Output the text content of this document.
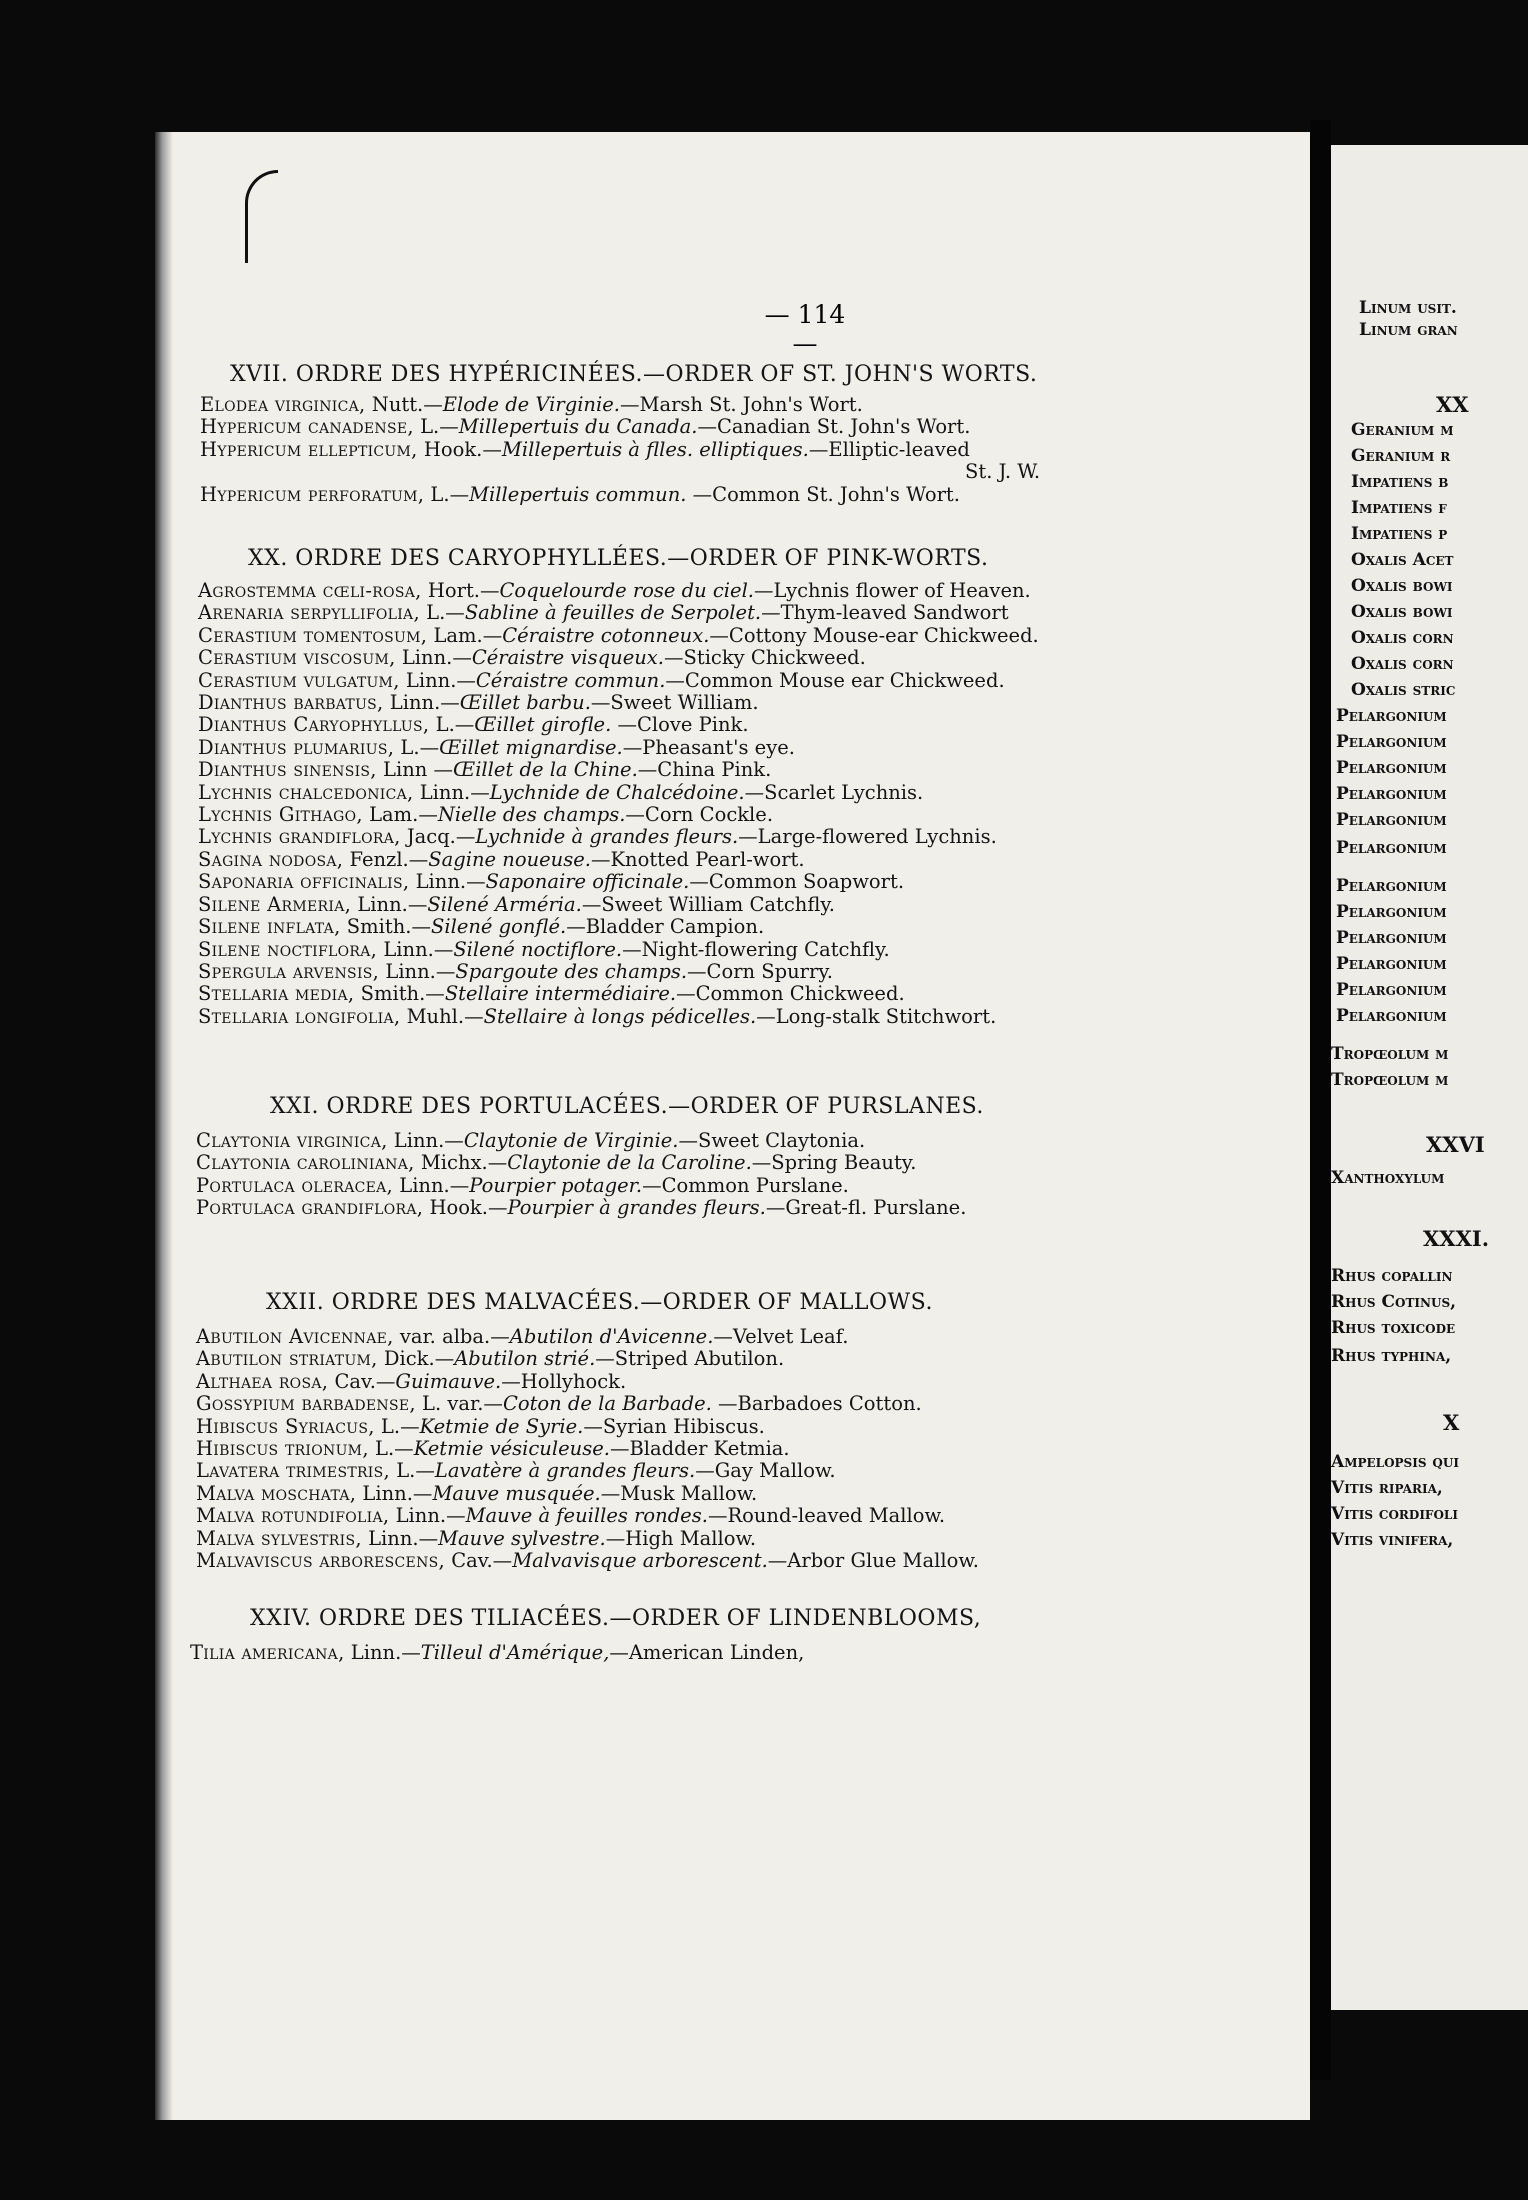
Linum usit.
Linum gran
XX
Geranium m
Geranium r
Impatiens b
Impatiens f
Impatiens p
Oxalis Acet
Oxalis bowi
Oxalis bowi
Oxalis corn
Oxalis corn
Oxalis stric
Pelargonium
Pelargonium
Pelargonium
Pelargonium
Pelargonium
Pelargonium
Pelargonium
Pelargonium
Pelargonium
Pelargonium
Pelargonium
Pelargonium
Tropœolum m
Tropœolum m
XXVI
Xanthoxylum
XXXI.
Rhus copallin
Rhus Cotinus,
Rhus toxicode
Rhus typhina,
X
Ampelopsis qui
Vitis riparia,
Vitis cordifoli
Vitis vinifera,
— 114 —
XVII. ORDRE DES HYPÉRICINÉES.—ORDER OF ST. JOHN'S WORTS.
Elodea virginica, Nutt.—Elode de Virginie.—Marsh St. John's Wort.
Hypericum canadense, L.—Millepertuis du Canada.—Canadian St. John's Wort.
Hypericum ellepticum, Hook.—Millepertuis à flles. elliptiques.—Elliptic-leaved
St. J. W.
Hypericum perforatum, L.—Millepertuis commun. —Common St. John's Wort.
XX. ORDRE DES CARYOPHYLLÉES.—ORDER OF PINK-WORTS.
Agrostemma cœli-rosa, Hort.—Coquelourde rose du ciel.—Lychnis flower of Heaven.
Arenaria serpyllifolia, L.—Sabline à feuilles de Serpolet.—Thym-leaved Sandwort
Cerastium tomentosum, Lam.—Céraistre cotonneux.—Cottony Mouse-ear Chickweed.
Cerastium viscosum, Linn.—Céraistre visqueux.—Sticky Chickweed.
Cerastium vulgatum, Linn.—Céraistre commun.—Common Mouse ear Chickweed.
Dianthus barbatus, Linn.—Œillet barbu.—Sweet William.
Dianthus Caryophyllus, L.—Œillet girofle. —Clove Pink.
Dianthus plumarius, L.—Œillet mignardise.—Pheasant's eye.
Dianthus sinensis, Linn —Œillet de la Chine.—China Pink.
Lychnis chalcedonica, Linn.—Lychnide de Chalcédoine.—Scarlet Lychnis.
Lychnis Githago, Lam.—Nielle des champs.—Corn Cockle.
Lychnis grandiflora, Jacq.—Lychnide à grandes fleurs.—Large-flowered Lychnis.
Sagina nodosa, Fenzl.—Sagine noueuse.—Knotted Pearl-wort.
Saponaria officinalis, Linn.—Saponaire officinale.—Common Soapwort.
Silene Armeria, Linn.—Silené Arméria.—Sweet William Catchfly.
Silene inflata, Smith.—Silené gonflé.—Bladder Campion.
Silene noctiflora, Linn.—Silené noctiflore.—Night-flowering Catchfly.
Spergula arvensis, Linn.—Spargoute des champs.—Corn Spurry.
Stellaria media, Smith.—Stellaire intermédiaire.—Common Chickweed.
Stellaria longifolia, Muhl.—Stellaire à longs pédicelles.—Long-stalk Stitchwort.
XXI. ORDRE DES PORTULACÉES.—ORDER OF PURSLANES.
Claytonia virginica, Linn.—Claytonie de Virginie.—Sweet Claytonia.
Claytonia caroliniana, Michx.—Claytonie de la Caroline.—Spring Beauty.
Portulaca oleracea, Linn.—Pourpier potager.—Common Purslane.
Portulaca grandiflora, Hook.—Pourpier à grandes fleurs.—Great-fl. Purslane.
XXII. ORDRE DES MALVACÉES.—ORDER OF MALLOWS.
Abutilon Avicennae, var. alba.—Abutilon d'Avicenne.—Velvet Leaf.
Abutilon striatum, Dick.—Abutilon strié.—Striped Abutilon.
Althaea rosa, Cav.—Guimauve.—Hollyhock.
Gossypium barbadense, L. var.—Coton de la Barbade. —Barbadoes Cotton.
Hibiscus Syriacus, L.—Ketmie de Syrie.—Syrian Hibiscus.
Hibiscus trionum, L.—Ketmie vésiculeuse.—Bladder Ketmia.
Lavatera trimestris, L.—Lavatère à grandes fleurs.—Gay Mallow.
Malva moschata, Linn.—Mauve musquée.—Musk Mallow.
Malva rotundifolia, Linn.—Mauve à feuilles rondes.—Round-leaved Mallow.
Malva sylvestris, Linn.—Mauve sylvestre.—High Mallow.
Malvaviscus arborescens, Cav.—Malvavisque arborescent.—Arbor Glue Mallow.
XXIV. ORDRE DES TILIACÉES.—ORDER OF LINDENBLOOMS,
Tilia americana, Linn.—Tilleul d'Amérique,—American Linden,
